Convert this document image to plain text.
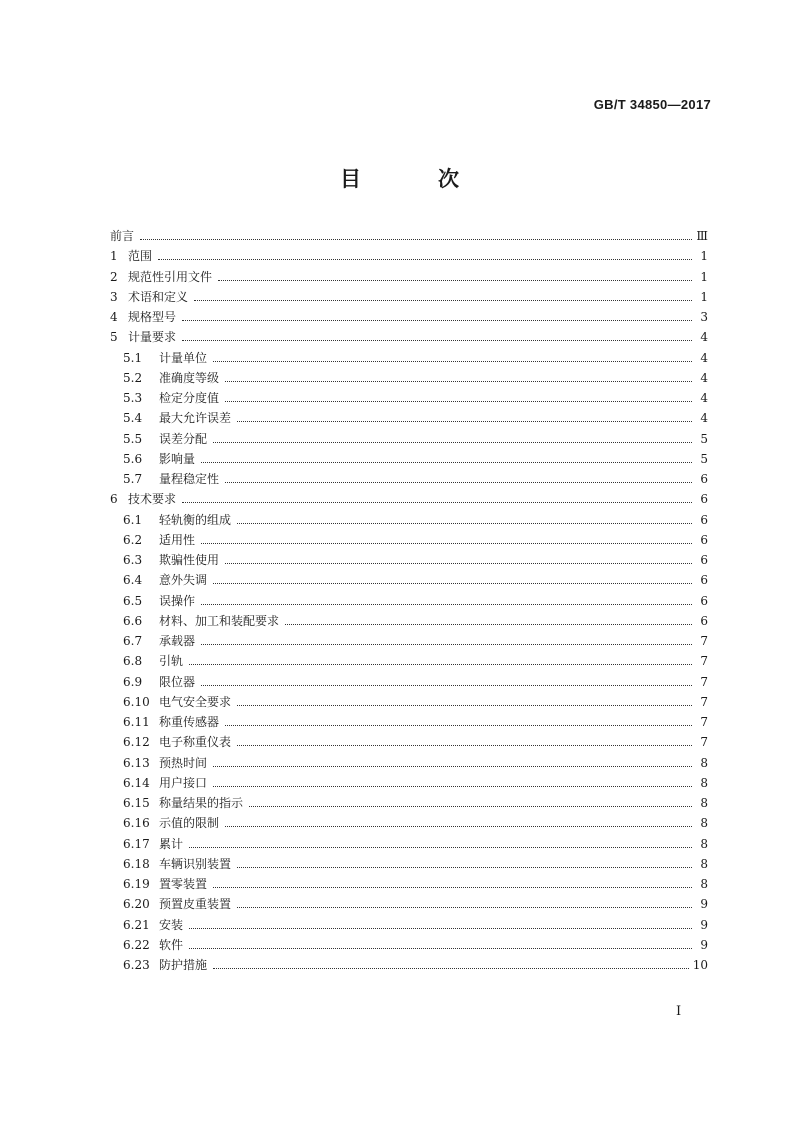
GB/T 34850—2017
目　次
前言	Ⅲ
1 范围	1
2 规范性引用文件	1
3 术语和定义	1
4 规格型号	3
5 计量要求	4
5.1	计量单位	4
5.2	准确度等级	4
5.3	检定分度值	4
5.4	最大允许误差	4
5.5	误差分配	5
5.6	影响量	5
5.7	量程稳定性	6
6 技术要求	6
6.1	轻轨衡的组成	6
6.2	适用性	6
6.3	欺骗性使用	6
6.4	意外失调	6
6.5	误操作	6
6.6	材料、加工和装配要求	6
6.7	承载器	7
6.8	引轨	7
6.9	限位器	7
6.10 电气安全要求	7
6.11 称重传感器	7
6.12 电子称重仪表	7
6.13 预热时间	8
6.14 用户接口	8
6.15 称量结果的指示	8
6.16 示值的限制	8
6.17 累计	8
6.18 车辆识别装置	8
6.19 置零装置	8
6.20 预置皮重装置	9
6.21 安装	9
6.22 软件	9
6.23 防护措施	10
Ⅰ
